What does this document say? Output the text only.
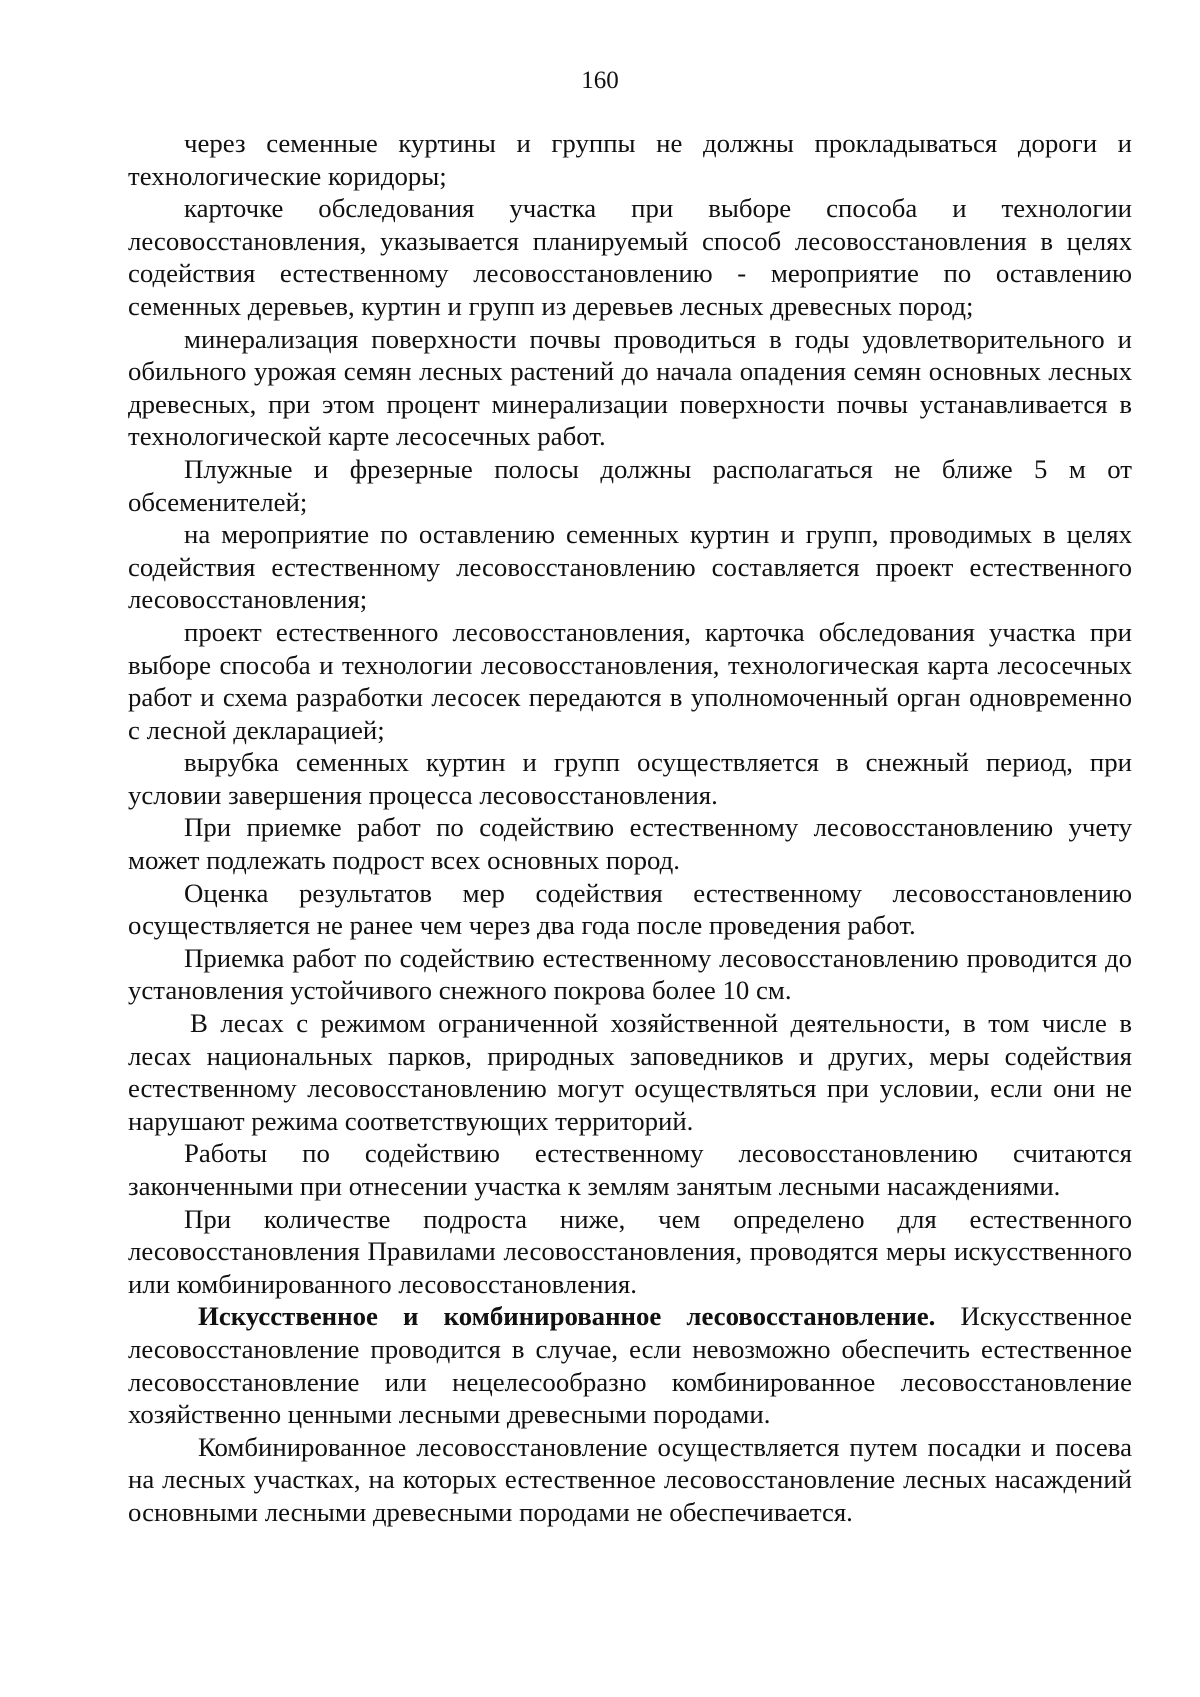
160

через семенные куртины и группы не должны прокладываться дороги и технологические коридоры;

карточке обследования участка при выборе способа и технологии лесовосстановления, указывается планируемый способ лесовосстановления в целях содействия естественному лесовосстановлению - мероприятие по оставлению семенных деревьев, куртин и групп из деревьев лесных древесных пород;

минерализация поверхности почвы проводиться в годы удовлетворительного и обильного урожая семян лесных растений до начала опадения семян основных лесных древесных, при этом процент минерализации поверхности почвы устанавливается в технологической карте лесосечных работ.

Плужные и фрезерные полосы должны располагаться не ближе 5 м от обсеменителей;

на мероприятие по оставлению семенных куртин и групп, проводимых в целях содействия естественному лесовосстановлению составляется проект естественного лесовосстановления;

проект естественного лесовосстановления, карточка обследования участка при выборе способа и технологии лесовосстановления, технологическая карта лесосечных работ и схема разработки лесосек передаются в уполномоченный орган одновременно с лесной декларацией;

вырубка семенных куртин и групп осуществляется в снежный период, при условии завершения процесса лесовосстановления.

При приемке работ по содействию естественному лесовосстановлению учету может подлежать подрост всех основных пород.

Оценка результатов мер содействия естественному лесовосстановлению осуществляется не ранее чем через два года после проведения работ.

Приемка работ по содействию естественному лесовосстановлению проводится до установления устойчивого снежного покрова более 10 см.

В лесах с режимом ограниченной хозяйственной деятельности, в том числе в лесах национальных парков, природных заповедников и других, меры содействия естественному лесовосстановлению могут осуществляться при условии, если они не нарушают режима соответствующих территорий.

Работы по содействию естественному лесовосстановлению считаются законченными при отнесении участка к землям занятым лесными насаждениями.

При количестве подроста ниже, чем определено для естественного лесовосстановления Правилами лесовосстановления, проводятся меры искусственного или комбинированного лесовосстановления.

Искусственное и комбинированное лесовосстановление. Искусственное лесовосстановление проводится в случае, если невозможно обеспечить естественное лесовосстановление или нецелесообразно комбинированное лесовосстановление хозяйственно ценными лесными древесными породами.

Комбинированное лесовосстановление осуществляется путем посадки и посева на лесных участках, на которых естественное лесовосстановление лесных насаждений основными лесными древесными породами не обеспечивается.
